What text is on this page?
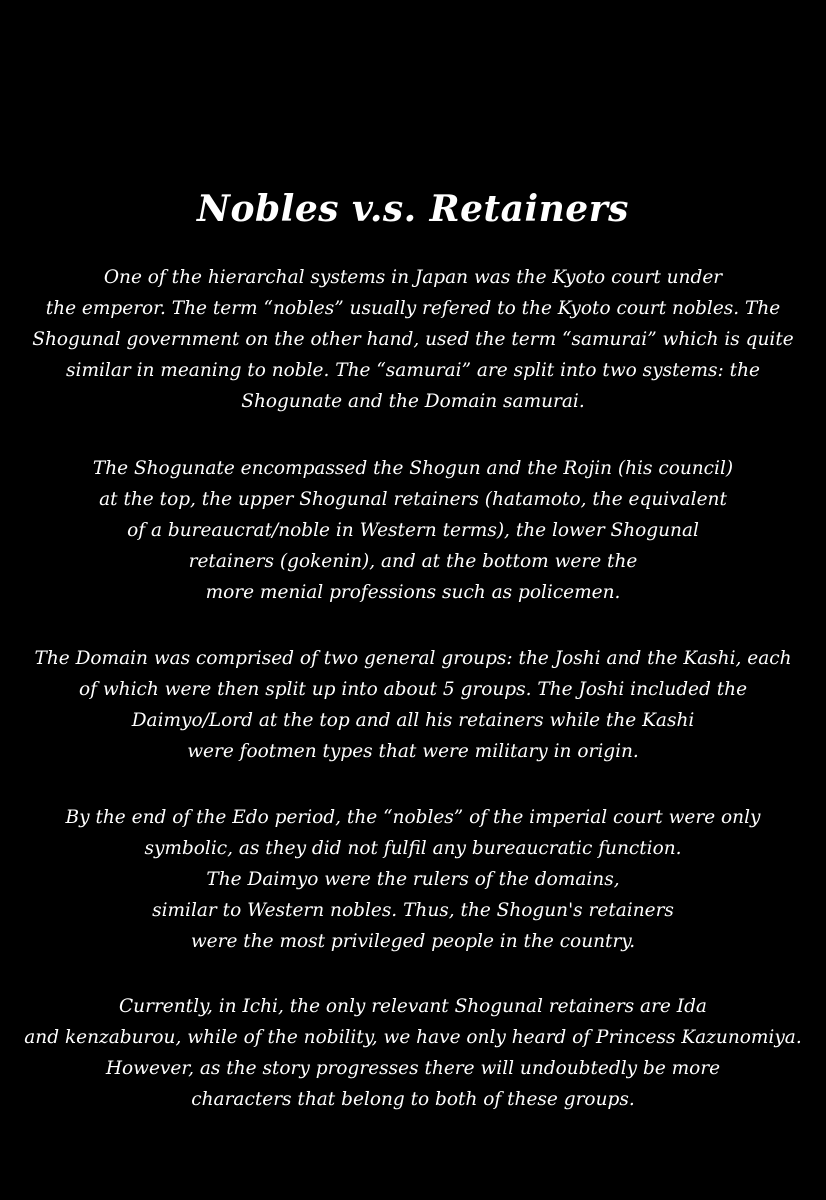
Nobles v.s. Retainers

One of the hierarchal systems in Japan was the Kyoto court under
the emperor. The term “nobles” usually refered to the Kyoto court nobles. The
Shogunal government on the other hand, used the term “samurai” which is quite
similar in meaning to noble. The “samurai” are split into two systems: the
Shogunate and the Domain samurai.

The Shogunate encompassed the Shogun and the Rojin (his council)
at the top, the upper Shogunal retainers (hatamoto, the equivalent
of a bureaucrat/noble in Western terms), the lower Shogunal
retainers (gokenin), and at the bottom were the
more menial professions such as policemen.

The Domain was comprised of two general groups: the Joshi and the Kashi, each
of which were then split up into about 5 groups. The Joshi included the
Daimyo/Lord at the top and all his retainers while the Kashi
were footmen types that were military in origin.

By the end of the Edo period, the “nobles” of the imperial court were only
symbolic, as they did not fulfil any bureaucratic function.
The Daimyo were the rulers of the domains,
similar to Western nobles. Thus, the Shogun's retainers
were the most privileged people in the country.

Currently, in Ichi, the only relevant Shogunal retainers are Ida
and kenzaburou, while of the nobility, we have only heard of Princess Kazunomiya.
However, as the story progresses there will undoubtedly be more
characters that belong to both of these groups.
